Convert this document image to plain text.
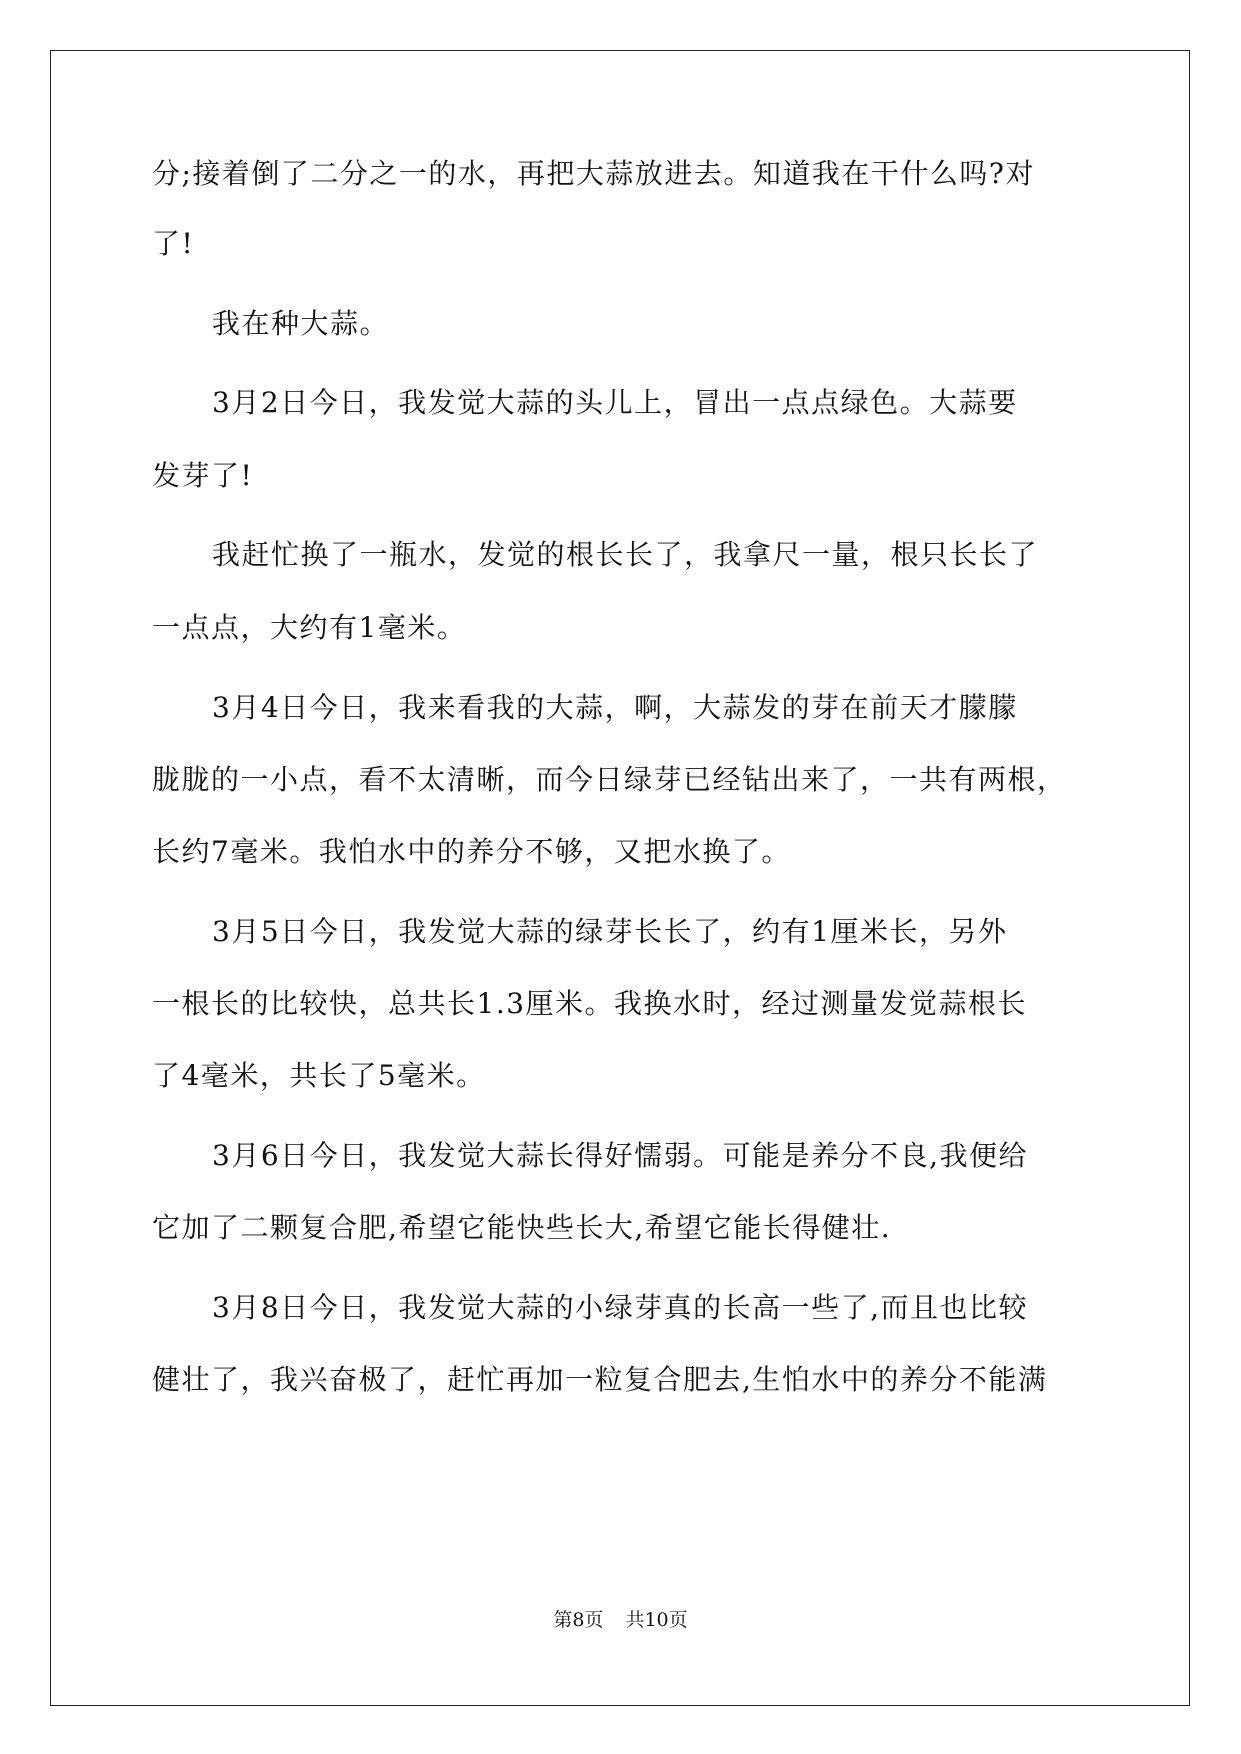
分;接着倒了二分之一的水，再把大蒜放进去。知道我在干什么吗?对
了!
我在种大蒜。
3月2日今日，我发觉大蒜的头儿上，冒出一点点绿色。大蒜要
发芽了!
我赶忙换了一瓶水，发觉的根长长了，我拿尺一量，根只长长了
一点点，大约有1毫米。
3月4日今日，我来看我的大蒜，啊，大蒜发的芽在前天才朦朦
胧胧的一小点，看不太清晰，而今日绿芽已经钻出来了，一共有两根，
长约7毫米。我怕水中的养分不够，又把水换了。
3月5日今日，我发觉大蒜的绿芽长长了，约有1厘米长，另外
一根长的比较快，总共长1.3厘米。我换水时，经过测量发觉蒜根长
了4毫米，共长了5毫米。
3月6日今日，我发觉大蒜长得好懦弱。可能是养分不良,我便给
它加了二颗复合肥,希望它能快些长大,希望它能长得健壮.
3月8日今日，我发觉大蒜的小绿芽真的长高一些了,而且也比较
健壮了，我兴奋极了，赶忙再加一粒复合肥去,生怕水中的养分不能满
第8页 共10页
